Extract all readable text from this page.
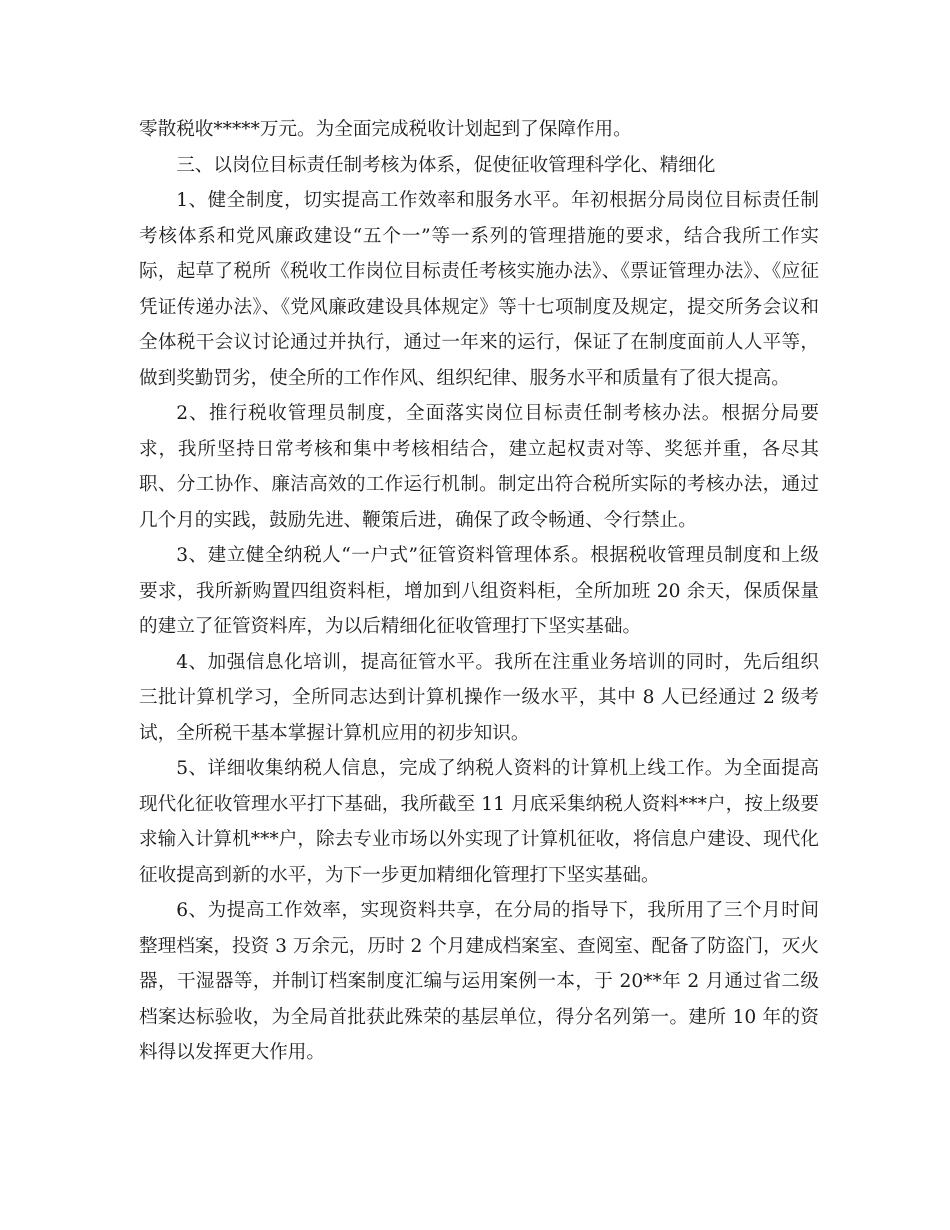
零散税收*****万元。为全面完成税收计划起到了保障作用。

三、以岗位目标责任制考核为体系，促使征收管理科学化、精细化

1、健全制度，切实提高工作效率和服务水平。年初根据分局岗位目标责任制考核体系和党风廉政建设“五个一”等一系列的管理措施的要求，结合我所工作实际，起草了税所《税收工作岗位目标责任考核实施办法》、《票证管理办法》、《应征凭证传递办法》、《党风廉政建设具体规定》等十七项制度及规定，提交所务会议和全体税干会议讨论通过并执行，通过一年来的运行，保证了在制度面前人人平等，做到奖勤罚劣，使全所的工作作风、组织纪律、服务水平和质量有了很大提高。

2、推行税收管理员制度，全面落实岗位目标责任制考核办法。根据分局要求，我所坚持日常考核和集中考核相结合，建立起权责对等、奖惩并重，各尽其职、分工协作、廉洁高效的工作运行机制。制定出符合税所实际的考核办法，通过几个月的实践，鼓励先进、鞭策后进，确保了政令畅通、令行禁止。

3、建立健全纳税人“一户式”征管资料管理体系。根据税收管理员制度和上级要求，我所新购置四组资料柜，增加到八组资料柜，全所加班 20 余天，保质保量的建立了征管资料库，为以后精细化征收管理打下坚实基础。

4、加强信息化培训，提高征管水平。我所在注重业务培训的同时，先后组织三批计算机学习，全所同志达到计算机操作一级水平，其中 8 人已经通过 2 级考试，全所税干基本掌握计算机应用的初步知识。

5、详细收集纳税人信息，完成了纳税人资料的计算机上线工作。为全面提高现代化征收管理水平打下基础，我所截至 11 月底采集纳税人资料***户，按上级要求输入计算机***户，除去专业市场以外实现了计算机征收，将信息户建设、现代化征收提高到新的水平，为下一步更加精细化管理打下坚实基础。

6、为提高工作效率，实现资料共享，在分局的指导下，我所用了三个月时间整理档案，投资 3 万余元，历时 2 个月建成档案室、查阅室、配备了防盗门，灭火器，干湿器等，并制订档案制度汇编与运用案例一本，于 20**年 2 月通过省二级档案达标验收，为全局首批获此殊荣的基层单位，得分名列第一。建所 10 年的资料得以发挥更大作用。
